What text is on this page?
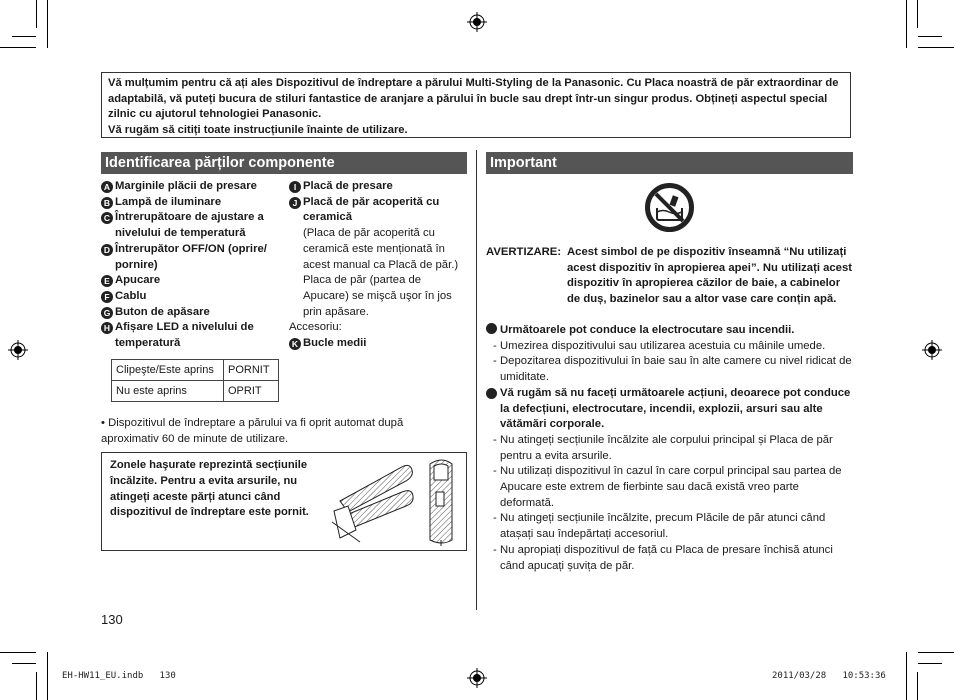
Vă mulțumim pentru că ați ales Dispozitivul de îndreptare a părului Multi-Styling de la Panasonic. Cu Placa noastră de păr extraordinar de adaptabilă, vă puteți bucura de stiluri fantastice de aranjare a părului în bucle sau drept într-un singur produs. Obțineți aspectul special zilnic cu ajutorul tehnologiei Panasonic.

Vă rugăm să citiți toate instrucțiunile înainte de utilizare.

Identificarea părților componente
A Marginile plăcii de presare
B Lampă de iluminare
C Întrerupătoare de ajustare a nivelului de temperatură
D Întrerupător OFF/ON (oprire/ pornire)
E Apucare
F Cablu
G Buton de apăsare
H Afișare LED a nivelului de temperatură
I Placă de presare
J Placă de păr acoperită cu ceramică
(Placa de păr acoperită cu ceramică este menționată în acest manual ca Placă de păr.) Placa de păr (partea de Apucare) se mişcă uşor în jos prin apăsare.
Accesoriu:
K Bucle medii
Clipeşte/Este aprins	PORNIT
Nu este aprins	OPRIT
• Dispozitivul de îndreptare a părului va fi oprit automat după aproximativ 60 de minute de utilizare.
Zonele haşurate reprezintă secțiunile încălzite. Pentru a evita arsurile, nu atingeți aceste părți atunci când dispozitivul de îndreptare este pornit.
130
Important
AVERTIZARE: Acest simbol de pe dispozitiv înseamnă “Nu utilizați acest dispozitiv în apropierea apei”. Nu utilizați acest dispozitiv în apropierea căzilor de baie, a cabinelor de duș, bazinelor sau a altor vase care conțin apă.
Următoarele pot conduce la electrocutare sau incendii.
- Umezirea dispozitivului sau utilizarea acestuia cu mâinile umede.
- Depozitarea dispozitivului în baie sau în alte camere cu nivel ridicat de umiditate.
Vă rugăm să nu faceți următoarele acțiuni, deoarece pot conduce la defecțiuni, electrocutare, incendii, explozii, arsuri sau alte vătămări corporale.
- Nu atingeți secțiunile încălzite ale corpului principal și Placa de păr pentru a evita arsurile.
- Nu utilizați dispozitivul în cazul în care corpul principal sau partea de Apucare este extrem de fierbinte sau dacă există vreo parte deformată.
- Nu atingeți secțiunile încălzite, precum Plăcile de păr atunci când atașați sau îndepărtați accesoriul.
- Nu apropiați dispozitivul de față cu Placa de presare închisă atunci când apucați șuvița de păr.
EH-HW11_EU.indb   130	2011/03/28   10:53:36
